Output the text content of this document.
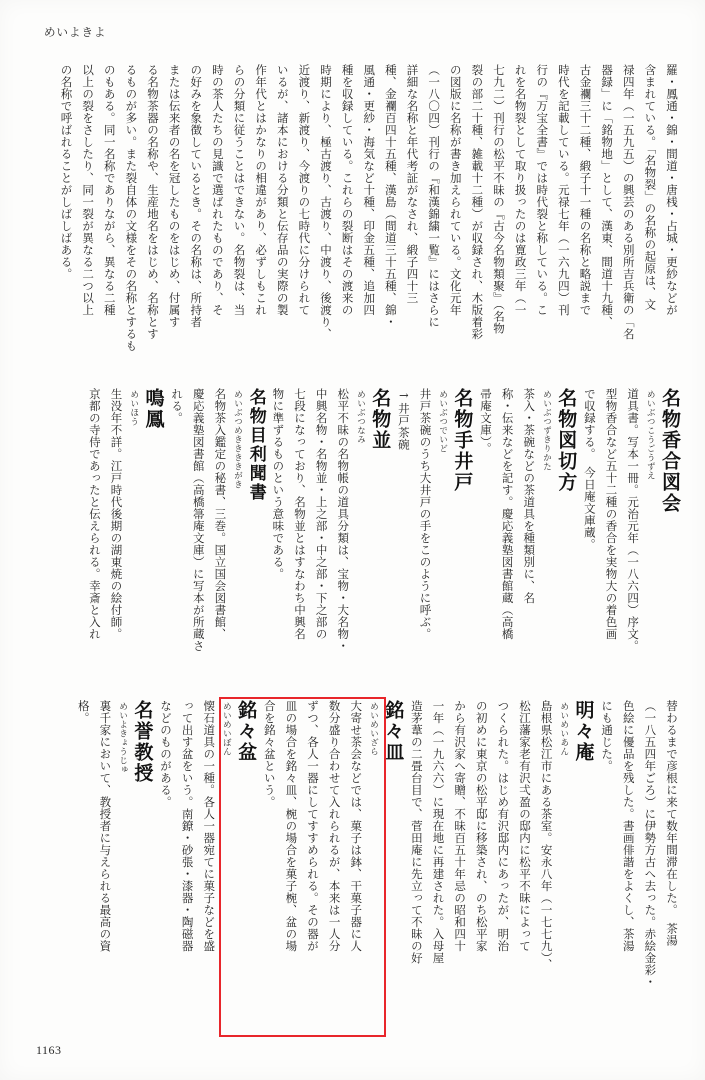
めいよきよ
羅・鳳通・錦・間道・唐桟・占城・更紗などが
含まれている。「名物裂」の名称の起原は、文
禄四年（一五九五）の興芸のある別所吉兵衛の「名
器録」に「銘物地」として、漢東、間道十九種、
古金襴三十二種、緞子十一種の名称と略説まで
時代を記載している。元禄七年（一六九四）刊
行の『万宝全書』では時代裂と称している。こ
れを名物裂として取り扱ったのは寛政三年（一
七九二）刊行の松平不昧の『古今名物類聚』（名物
裂の部二十種、雑載十二種）が収録され、木版着彩
の図版に名称が書き加えられている。文化元年
（一八〇四）刊行の『和漢錦繍一覧』にはさらに
詳細な名称と年代考証がなされ、緞子四十三
種、金襴百四十五種、漢島（間道三十五種、錦・
風通・更紗・海気など十種、印金五種、追加四
種を収録している。これらの裂断はその渡来の
時期により、極古渡り、古渡り、中渡り、後渡り、
近渡り、新渡り、今渡りの七時代に分けられて
いるが、諸本における分類と伝存品の実際の製
作年代とはかなりの相違があり、必ずしもこれ
らの分類に従うことはできない。名物裂は、当
時の茶人たちの見識で選ばれたものであり、そ
の好みを象徴しているとき。その名称は、所持者
または伝来者の名を冠したものをはじめ、付属す
る名物茶器の名称や、生産地名をはじめ、名称とす
るものが多い。また裂自体の文様をその名称とするも
のもある。同一名称でありながら、異なる二種
以上の裂をさしたり、同一裂が異なる二つ以上
の名称で呼ばれることがしばしばある。
名物香合図会
めいぶつこうごうずえ
道具書。写本一冊。元治元年（一八六四）序文。
型物香合など五十二種の香合を実物大の着色画
で収録する。　今日庵文庫蔵。
名物図切方
めいぶつずきりかた
茶入・茶碗などの茶道具を種類別に、名
称・伝来などを記す。慶応義塾図書館蔵（高橋
帚庵文庫）。
名物手井戸
めいぶつでいど
井戸茶碗のうち大井戸の手をこのように呼ぶ。
→井戸茶碗
名物並
めいぶつなみ
松平不昧の名物帳の道具分類は、宝物・大名物・
中興名物・名物並・上之部・中之部・下之部の
七段になっており、名物並とはすなわち中興名
物に準ずるものという意味である。
名物目利聞書
めいぶつめききききがき
名物茶入鑑定の秘書、三巻。国立国会図書館、
慶応義塾図書館（高橋箒庵文庫）に写本が所蔵さ
れる。
鳴鳳
めいほう
生没年不詳。江戸時代後期の湖東焼の絵付師。
京都の寺侍であったと伝えられる。幸斎と入れ
替わるまで彦根に来て数年間滞在した。　茶湯
（一八五四年ごろ）に伊勢方古へ去った。赤絵金彩・
色絵に優品を残した。書画俳諧をよくし、茶湯
にも通じた。
明々庵
めいめいあん
島根県松江市にある茶室。安永八年（一七七九）、
松江藩家老有沢弌盈の邸内に松平不昧によって
つくられた。はじめ有沢邸内にあったが、明治
の初めに東京の松平邸に移築され、のち松平家
から有沢家へ寄贈、不昧百五十年忌の昭和四十
一年（一九六六）に現在地に再建された。入母屋
造茅葦の二畳台目で、菅田庵に先立って不昧の好
銘々皿
めいめいざら
大寄せ茶会などでは、菓子は鉢、干菓子器に人
数分盛り合わせて入れられるが、本来は一人分
ずつ、各人一器にしてすすめられる。その器が
皿の場合を銘々皿、椀の場合を菓子椀、盆の場
合を銘々盆という。
銘々盆
めいめいぼん
懐石道具の一種。各人一器宛てに菓子などを盛
って出す盆をいう。南鐐・砂張・漆器・陶磁器
などのものがある。
名誉教授
めいよきょうじゅ
裏千家において、教授者に与えられる最高の資
格。
1163
